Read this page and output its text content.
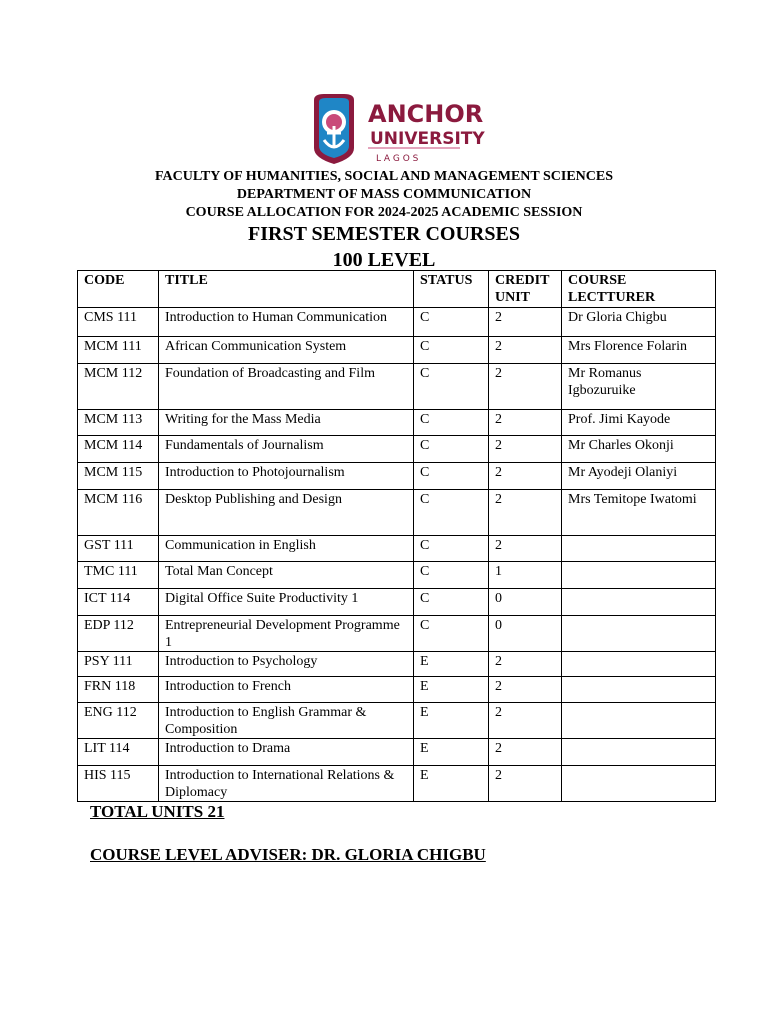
ANCHOR
UNIVERSITY
L A G O S
FACULTY OF HUMANITIES, SOCIAL AND MANAGEMENT SCIENCES
DEPARTMENT OF MASS COMMUNICATION
COURSE ALLOCATION FOR 2024-2025 ACADEMIC SESSION
FIRST SEMESTER COURSES
100 LEVEL
CODE	TITLE	STATUS	CREDIT UNIT	COURSE LECTTURER
CMS 111	Introduction to Human Communication	C	2	Dr Gloria Chigbu
MCM 111	African Communication System	C	2	Mrs Florence Folarin
MCM 112	Foundation of Broadcasting and Film	C	2	Mr Romanus Igbozuruike
MCM 113	Writing for the Mass Media	C	2	Prof. Jimi Kayode
MCM 114	Fundamentals of Journalism	C	2	Mr Charles Okonji
MCM 115	Introduction to Photojournalism	C	2	Mr Ayodeji Olaniyi
MCM 116	Desktop Publishing and Design	C	2	Mrs Temitope Iwatomi
GST 111	Communication in English	C	2	
TMC 111	Total Man Concept	C	1	
ICT 114	Digital Office Suite Productivity 1	C	0	
EDP 112	Entrepreneurial Development Programme 1	C	0	
PSY 111	Introduction to Psychology	E	2	
FRN 118	Introduction to French	E	2	
ENG 112	Introduction to English Grammar & Composition	E	2	
LIT 114	Introduction to Drama	E	2	
HIS 115	Introduction to International Relations & Diplomacy	E	2	
TOTAL UNITS 21
COURSE LEVEL ADVISER: DR. GLORIA CHIGBU
